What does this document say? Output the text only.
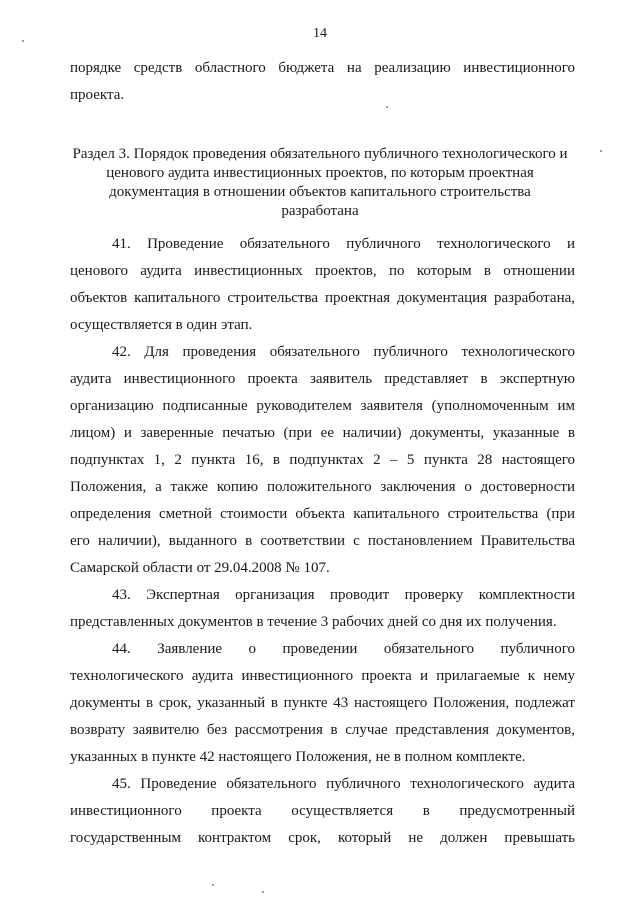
14
порядке средств областного бюджета на реализацию инвестиционного
проекта.
Раздел 3. Порядок проведения обязательного публичного технологического и
ценового аудита инвестиционных проектов, по которым проектная
документация в отношении объектов капитального строительства
разработана
41. Проведение обязательного публичного технологического и
ценового аудита инвестиционных проектов, по которым в отношении
объектов капитального строительства проектная документация разработана,
осуществляется в один этап.
42. Для проведения обязательного публичного технологического
аудита инвестиционного проекта заявитель представляет в экспертную
организацию подписанные руководителем заявителя (уполномоченным им
лицом) и заверенные печатью (при ее наличии) документы, указанные в
подпунктах 1, 2 пункта 16, в подпунктах 2 – 5 пункта 28 настоящего
Положения, а также копию положительного заключения о достоверности
определения сметной стоимости объекта капитального строительства (при
его наличии), выданного в соответствии с постановлением Правительства
Самарской области от 29.04.2008 № 107.
43. Экспертная организация проводит проверку комплектности
представленных документов в течение 3 рабочих дней со дня их получения.
44. Заявление о проведении обязательного публичного
технологического аудита инвестиционного проекта и прилагаемые к нему
документы в срок, указанный в пункте 43 настоящего Положения, подлежат
возврату заявителю без рассмотрения в случае представления документов,
указанных в пункте 42 настоящего Положения, не в полном комплекте.
45. Проведение обязательного публичного технологического аудита
инвестиционного проекта осуществляется в предусмотренный
государственным контрактом срок, который не должен превышать
